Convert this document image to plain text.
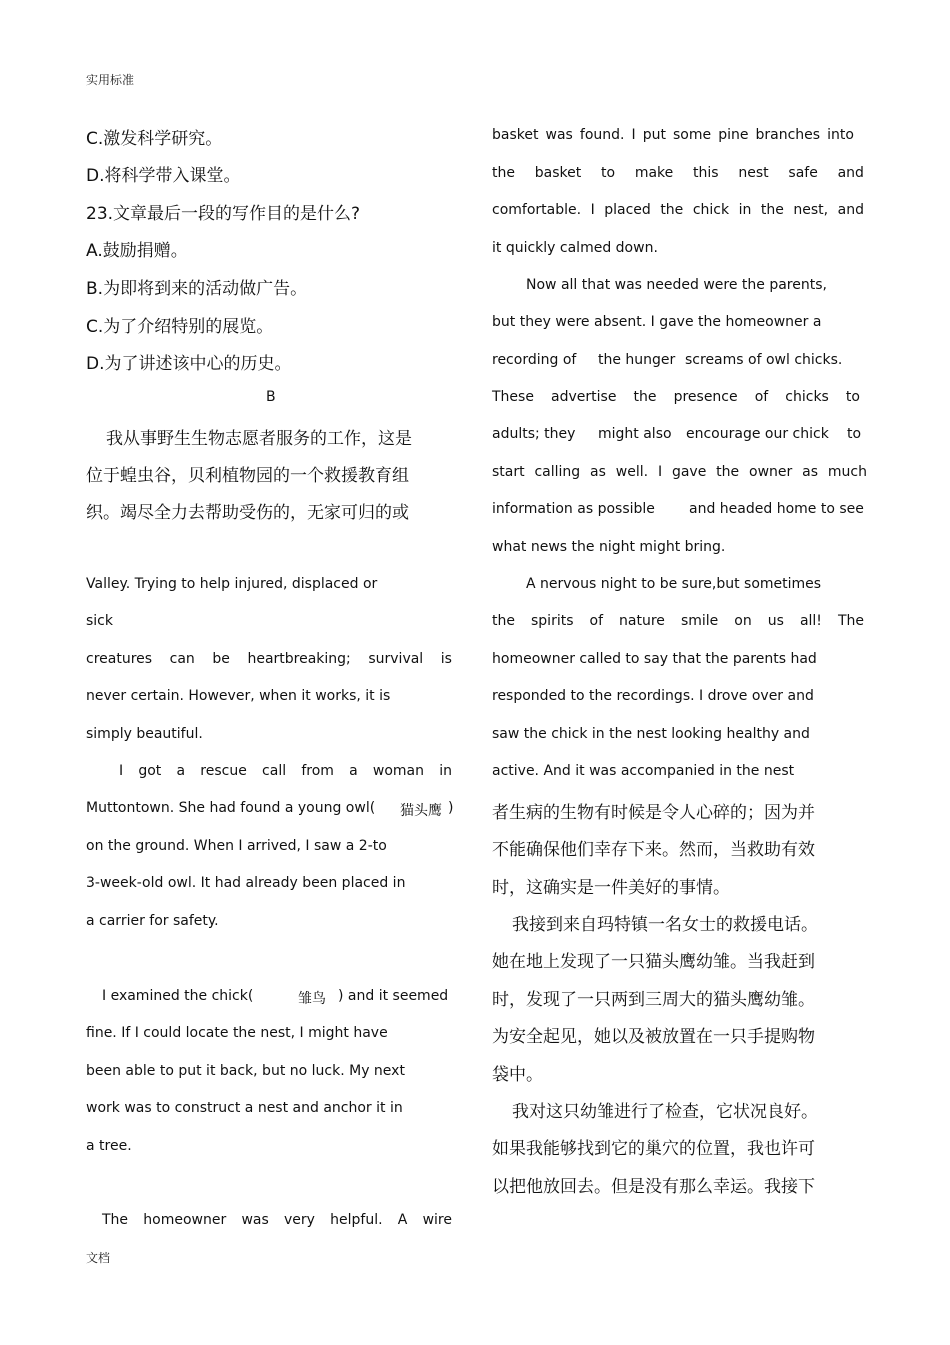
实用标准
C.激发科学研究。
D.将科学带入课堂。
23.文章最后一段的写作目的是什么?
A.鼓励捐赠。
B.为即将到来的活动做广告。
C.为了介绍特别的展览。
D.为了讲述该中心的历史。
B
我从事野生生物志愿者服务的工作，这是
位于蝗虫谷，贝利植物园的一个救援教育组
织。竭尽全力去帮助受伤的，无家可归的或
Valley. Trying to help injured, displaced or
sick
creatures can be heartbreaking; survival is
never certain. However, when it works, it is
simply beautiful.
I got a rescue call from a woman in
Muttontown. She had found a young owl( 猫头鹰 )
on the ground. When I arrived, I saw a 2-to
3-week-old owl. It had already been placed in
a carrier for safety.
I examined the chick(	雏鸟 ) and it seemed
fine. If I could locate the nest, I might have
been able to put it back, but no luck. My next
work was to construct a nest and anchor it in
a tree.
The homeowner was very helpful. A wire
basket was found. I put some pine branches into
the basket to make this nest safe and
comfortable. I placed the chick in the nest, and
it quickly calmed down.
Now all that was needed were the parents,
but they were absent. I gave the homeowner a
recording of the hunger screams of owl chicks.
These advertise the presence of chicks to
adults; they might also encourage our chick to
start calling as well. I gave the owner as much
information as possible and headed home to see
what news the night might bring.
A nervous night to be sure,but sometimes
the spirits of nature smile on us all! The
homeowner called to say that the parents had
responded to the recordings. I drove over and
saw the chick in the nest looking healthy and
active. And it was accompanied in the nest
者生病的生物有时候是令人心碎的；因为并
不能确保他们幸存下来。然而，当救助有效
时，这确实是一件美好的事情。
我接到来自玛特镇一名女士的救援电话。
她在地上发现了一只猫头鹰幼雏。当我赶到
时，发现了一只两到三周大的猫头鹰幼雏。
为安全起见，她以及被放置在一只手提购物
袋中。
我对这只幼雏进行了检查，它状况良好。
如果我能够找到它的巢穴的位置，我也许可
以把他放回去。但是没有那么幸运。我接下
文档
